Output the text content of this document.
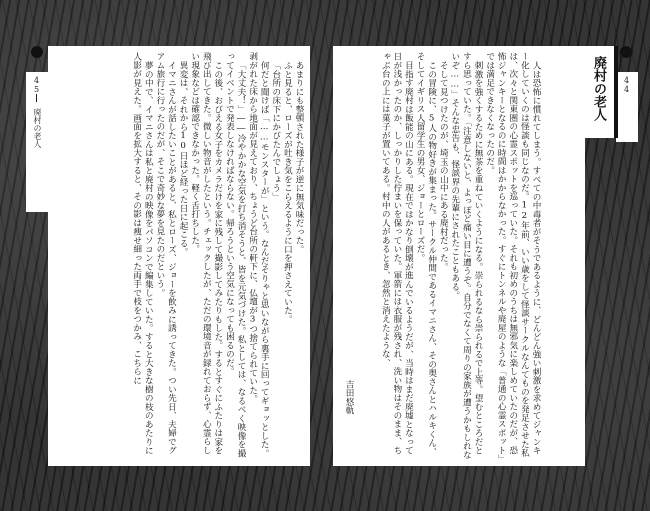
45
廃村の老人	あまりにも整頓された様子が逆に無気味だった。

ふと見ると、ローズが吐き気をこらえるように口を押さえていた。

「台所の床下にかびたんでしょう」

何だと聞けば「……モンスターが」という。なんだそりゃと思いながら裏手に回ってギョッとした。剥がれた床から地面が見えており、ちょうど台所の軒下に、仏壇が3つ捨てられていた。

「大丈夫！」――冷やかかな空気を打ち消そうと、皆を元気づけた。私としては、なるべく映像を撮ってイベントで発表しなければならない。帰ろうという空気になっても困るのだ。

この後、おびえる女子をカメラだけを家に残して撮影してみたりもした。するとすぐにふたりは家を飛び出してきた。微しい物音がしたという。チェックしたが、ただの環境音が録れておらず、心霊らしい現象などは確認できなかった。軽く舌打ちした。

異変は、それから10日ほど経った日に起こる。

イマニさんが話したいことがあると、私とローズ、ジョーを飲みに誘ってきた。つい先日、夫婦でグアム旅行に行ったのだが、そこで奇妙な夢を見たのだという。

夢の中で、イマニさんは私と廃村の映像をパソコンで編集していた。すると大きな樹の枝のあたりに人影が見えた。画面を拡大すると、その影は痩せ細った両手で枝をつかみ、こちらに	44

人は恐怖に慣れてしまう。すべての中毒者がそうであるように、どんどん強い刺激を求めてジャンキー化していくのは怪談も同じなのだ。12年前、いい歳をして怪談サークルなんてものを発足させた私は、次々と関東圏の心霊スポットを巡っていた。それも初めのうちは無邪気に楽しめていたのだが、恐怖ジャンキーとなるのに時間はかからなかった。すぐにトンネルや廃屋のような「普通の心霊スポット」では満足できなくなったのだ。

刺激を強くするために無茶を重ねていくようになる。崇られるなら崇られるで上等。望むところだとすら思っていた。「注意しないと、よっぽど痛い目に遭うぞ。自分でなくて周りの家族が遭うかもしれないぞ……」そんな忠告も、怪談界の先輩にされたこともある。

そして見つけたのが、埼玉の山中にある廃村だった。

この冒険に、5人の物好きが集まった。サークル仲間であるイマニさん、その奥さんとハルキくん、そしてイギリス人留学生の男女、ジョーとローズだ。

目指す廃村は飯能の山にある。現在ではかなり倒壊が進んでいるようだが、当時はまだ廃墟となって日が浅かったのか、しっかりした佇まいを保っていた。軍箭には衣服が残され、洗い物はそのまま、ちゃぶ台の上には菓子が置いてある。村中の人があるとき、忽然と消えたような、

吉田悠軌
廃村の老人
